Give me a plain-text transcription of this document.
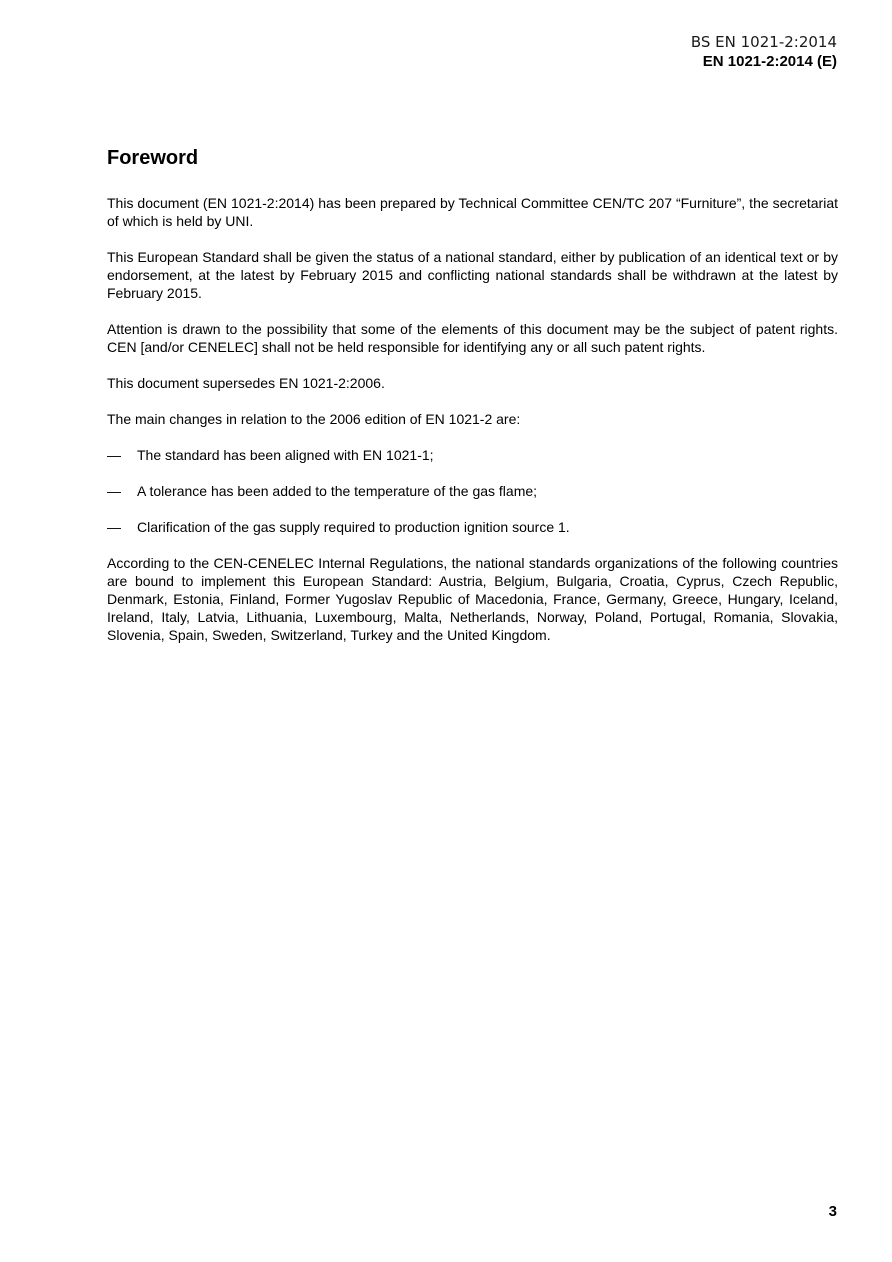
BS EN 1021-2:2014
EN 1021-2:2014 (E)
Foreword

This document (EN 1021-2:2014) has been prepared by Technical Committee CEN/TC 207 “Furniture”, the secretariat of which is held by UNI.

This European Standard shall be given the status of a national standard, either by publication of an identical text or by endorsement, at the latest by February 2015 and conflicting national standards shall be withdrawn at the latest by February 2015.

Attention is drawn to the possibility that some of the elements of this document may be the subject of patent rights. CEN [and/or CENELEC] shall not be held responsible for identifying any or all such patent rights.

This document supersedes EN 1021-2:2006.

The main changes in relation to the 2006 edition of EN 1021-2 are:

—	The standard has been aligned with EN 1021-1;
—	A tolerance has been added to the temperature of the gas flame;
—	Clarification of the gas supply required to production ignition source 1.

According to the CEN-CENELEC Internal Regulations, the national standards organizations of the following countries are bound to implement this European Standard: Austria, Belgium, Bulgaria, Croatia, Cyprus, Czech Republic, Denmark, Estonia, Finland, Former Yugoslav Republic of Macedonia, France, Germany, Greece, Hungary, Iceland, Ireland, Italy, Latvia, Lithuania, Luxembourg, Malta, Netherlands, Norway, Poland, Portugal, Romania, Slovakia, Slovenia, Spain, Sweden, Switzerland, Turkey and the United Kingdom.

3
